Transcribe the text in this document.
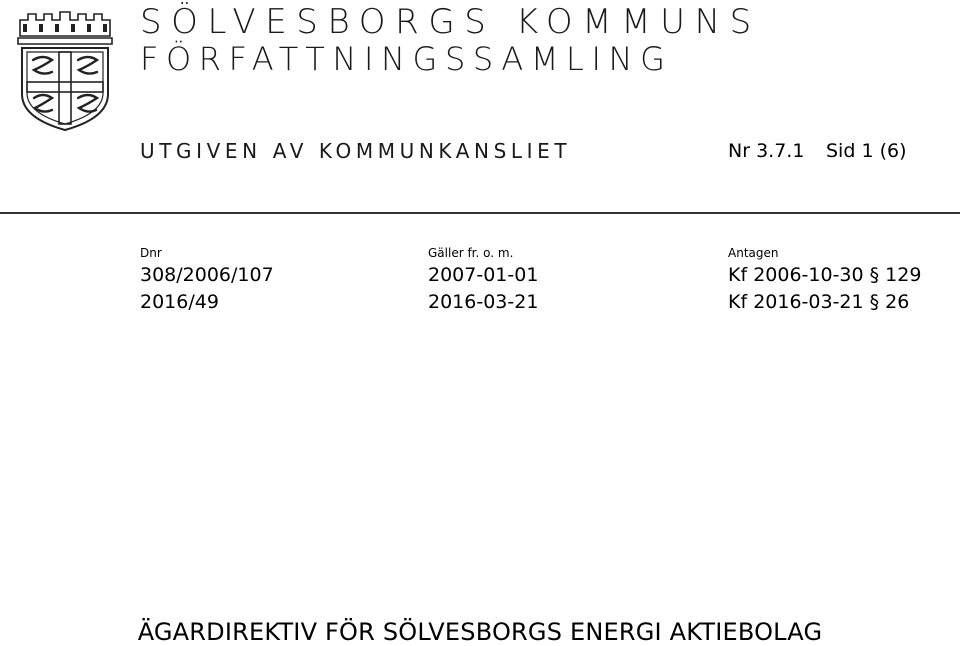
SÖLVESBORGS KOMMUNS
FÖRFATTNINGSSAMLING
UTGIVEN AV KOMMUNKANSLIET	Nr 3.7.1 Sid 1 (6)
Dnr
308/2006/107
2016/49
Gäller fr. o. m.
2007-01-01
2016-03-21
Antagen
Kf 2006-10-30 § 129
Kf 2016-03-21 § 26
ÄGARDIREKTIV FÖR SÖLVESBORGS ENERGI AKTIEBOLAG
